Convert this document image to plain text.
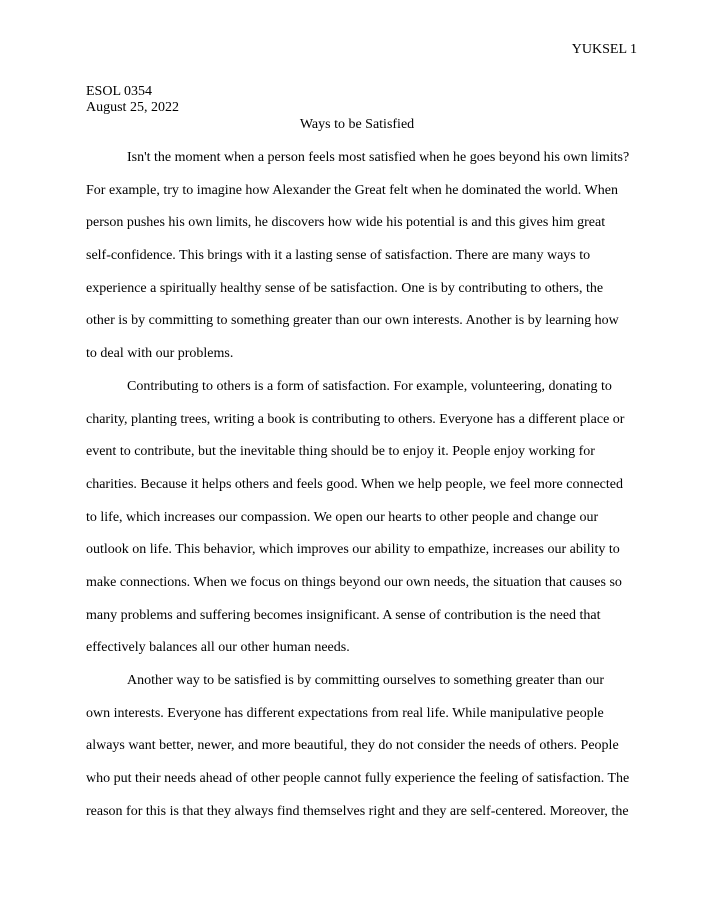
YUKSEL 1
ESOL 0354
August 25, 2022
Ways to be Satisfied

Isn't the moment when a person feels most satisfied when he goes beyond his own limits?
For example, try to imagine how Alexander the Great felt when he dominated the world. When
person pushes his own limits, he discovers how wide his potential is and this gives him great
self-confidence. This brings with it a lasting sense of satisfaction. There are many ways to
experience a spiritually healthy sense of be satisfaction. One is by contributing to others, the
other is by committing to something greater than our own interests. Another is by learning how
to deal with our problems.

Contributing to others is a form of satisfaction. For example, volunteering, donating to
charity, planting trees, writing a book is contributing to others. Everyone has a different place or
event to contribute, but the inevitable thing should be to enjoy it. People enjoy working for
charities. Because it helps others and feels good. When we help people, we feel more connected
to life, which increases our compassion. We open our hearts to other people and change our
outlook on life. This behavior, which improves our ability to empathize, increases our ability to
make connections. When we focus on things beyond our own needs, the situation that causes so
many problems and suffering becomes insignificant. A sense of contribution is the need that
effectively balances all our other human needs.

Another way to be satisfied is by committing ourselves to something greater than our
own interests. Everyone has different expectations from real life. While manipulative people
always want better, newer, and more beautiful, they do not consider the needs of others. People
who put their needs ahead of other people cannot fully experience the feeling of satisfaction. The
reason for this is that they always find themselves right and they are self-centered. Moreover, the
